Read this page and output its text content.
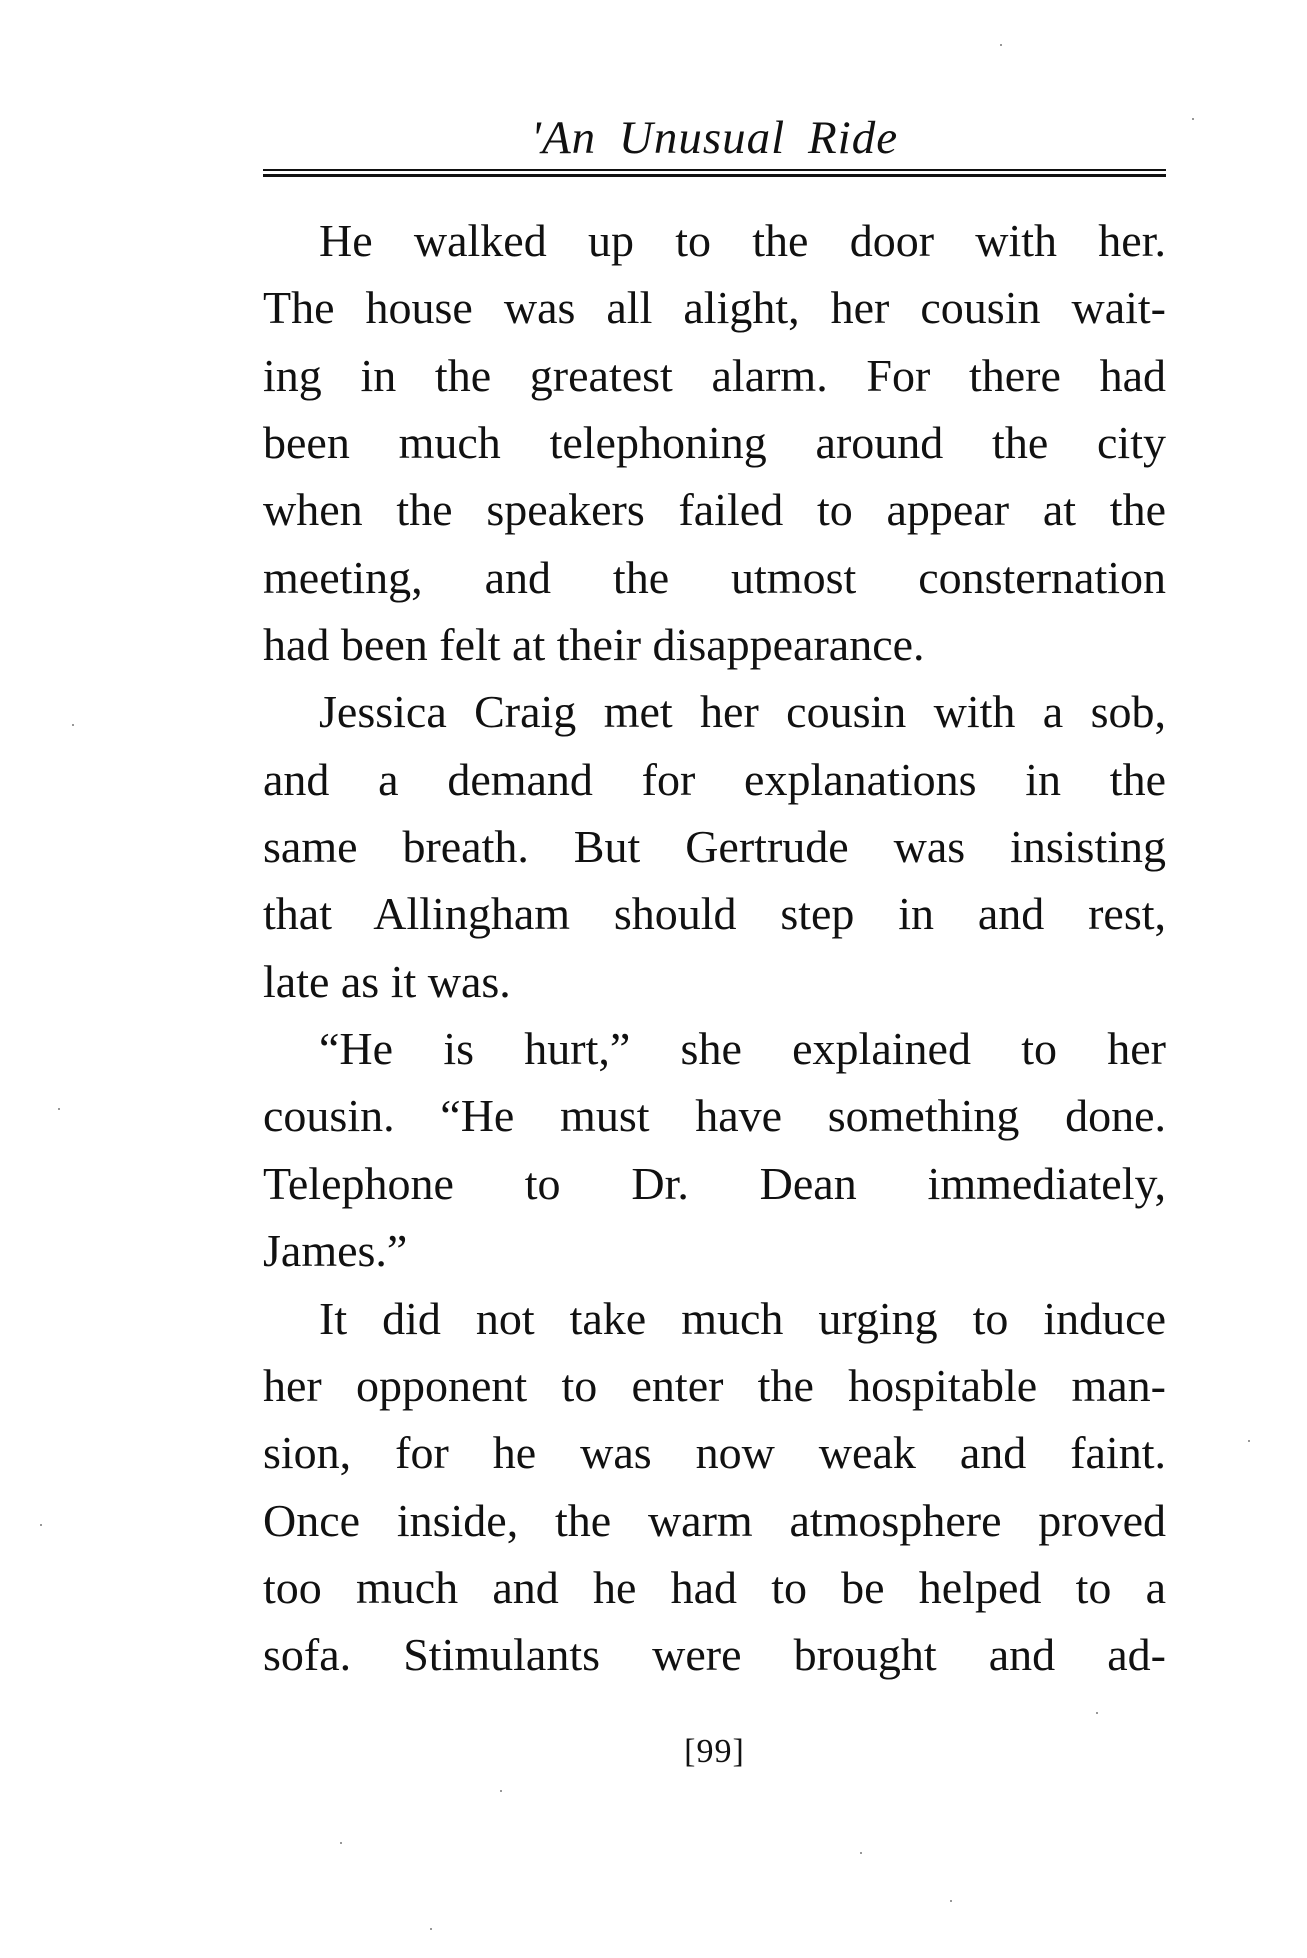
'An Unusual Ride
He walked up to the door with her.
The house was all alight, her cousin wait-
ing in the greatest alarm. For there had
been much telephoning around the city
when the speakers failed to appear at the
meeting, and the utmost consternation
had been felt at their disappearance.
Jessica Craig met her cousin with a sob,
and a demand for explanations in the
same breath. But Gertrude was insisting
that Allingham should step in and rest,
late as it was.
“He is hurt,” she explained to her
cousin. “He must have something done.
Telephone to Dr. Dean immediately,
James.”
It did not take much urging to induce
her opponent to enter the hospitable man-
sion, for he was now weak and faint.
Once inside, the warm atmosphere proved
too much and he had to be helped to a
sofa. Stimulants were brought and ad-
[99]
